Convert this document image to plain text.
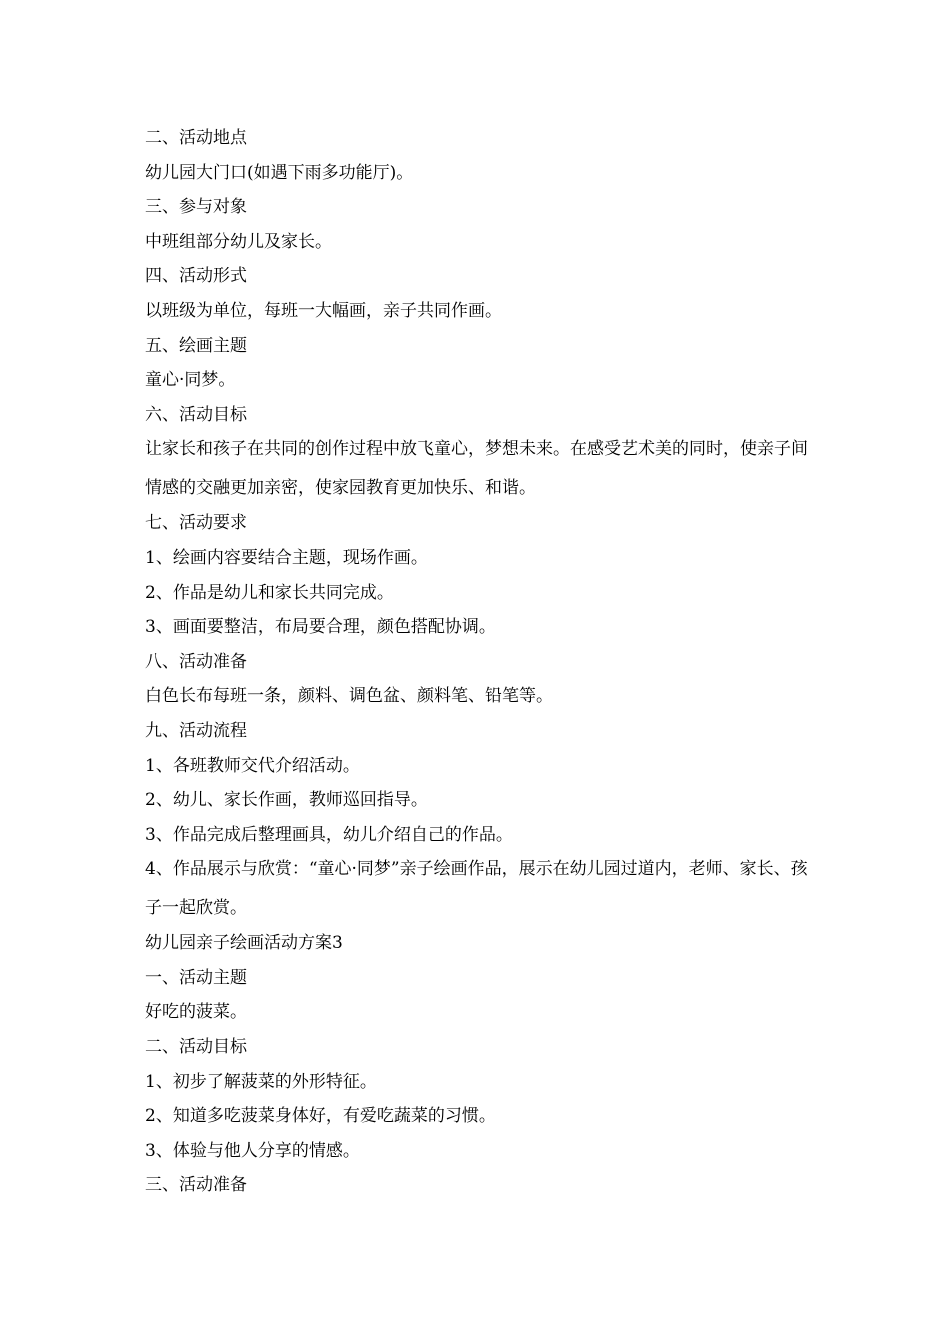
二、活动地点
幼儿园大门口(如遇下雨多功能厅)。
三、参与对象
中班组部分幼儿及家长。
四、活动形式
以班级为单位，每班一大幅画，亲子共同作画。
五、绘画主题
童心·同梦。
六、活动目标
让家长和孩子在共同的创作过程中放飞童心，梦想未来。在感受艺术美的同时，使亲子间情感的交融更加亲密，使家园教育更加快乐、和谐。
七、活动要求
1、绘画内容要结合主题，现场作画。
2、作品是幼儿和家长共同完成。
3、画面要整洁，布局要合理，颜色搭配协调。
八、活动准备
白色长布每班一条，颜料、调色盆、颜料笔、铅笔等。
九、活动流程
1、各班教师交代介绍活动。
2、幼儿、家长作画，教师巡回指导。
3、作品完成后整理画具，幼儿介绍自己的作品。
4、作品展示与欣赏：“童心·同梦”亲子绘画作品，展示在幼儿园过道内，老师、家长、孩子一起欣赏。
幼儿园亲子绘画活动方案3
一、活动主题
好吃的菠菜。
二、活动目标
1、初步了解菠菜的外形特征。
2、知道多吃菠菜身体好，有爱吃蔬菜的习惯。
3、体验与他人分享的情感。
三、活动准备
